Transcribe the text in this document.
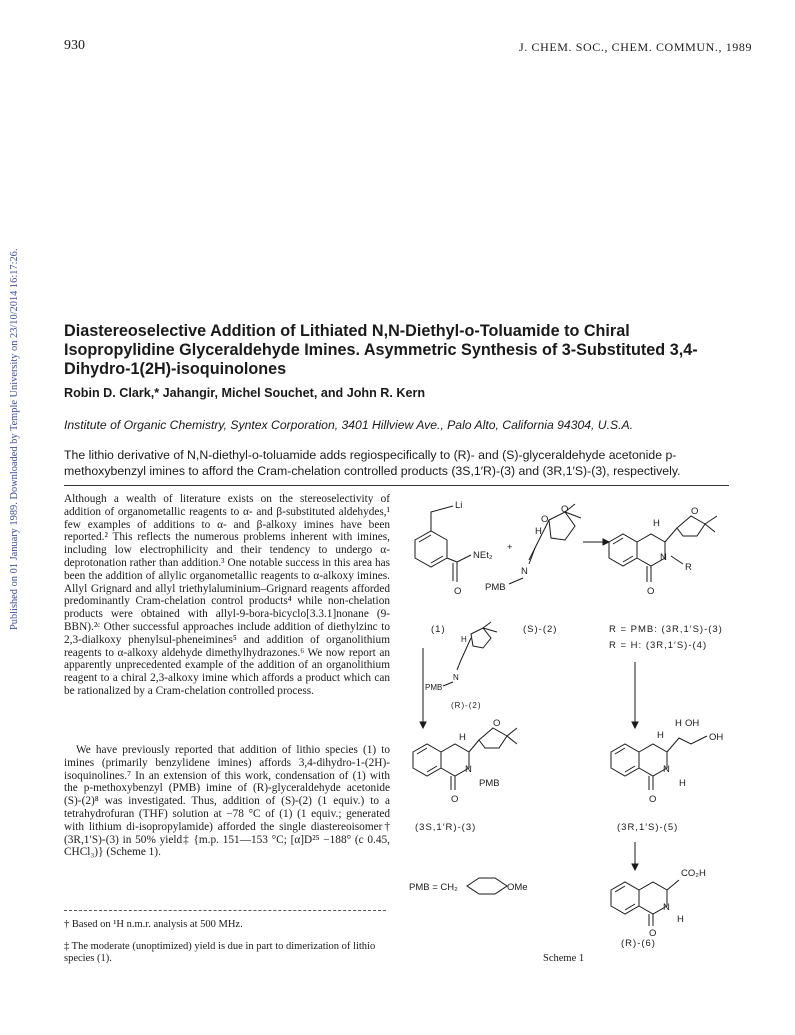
930	J. CHEM. SOC., CHEM. COMMUN., 1989
Published on 01 January 1989. Downloaded by Temple University on 23/10/2014 16:17:26.	Diastereoselective Addition of Lithiated N,N-Diethyl-o-Toluamide to Chiral Isopropylidine Glyceraldehyde Imines. Asymmetric Synthesis of 3-Substituted 3,4-Dihydro-1(2H)-isoquinolones
Robin D. Clark,* Jahangir, Michel Souchet, and John R. Kern
Institute of Organic Chemistry, Syntex Corporation, 3401 Hillview Ave., Palo Alto, California 94304, U.S.A.
The lithio derivative of N,N-diethyl-o-toluamide adds regiospecifically to (R)- and (S)-glyceraldehyde acetonide p-methoxybenzyl imines to afford the Cram-chelation controlled products (3S,1′R)-(3) and (3R,1′S)-(3), respectively.

Although a wealth of literature exists on the stereoselectivity of addition of organometallic reagents to α- and β-substituted aldehydes,¹ few examples of additions to α- and β-alkoxy imines have been reported.² This reflects the numerous problems inherent with imines, including low electrophilicity and their tendency to undergo α-deprotonation rather than addition.³ One notable success in this area has been the addition of allylic organometallic reagents to α-alkoxy imines. Allyl Grignard and allyl triethylaluminium–Grignard reagents afforded predominantly Cram-chelation control products⁴ while non-chelation products were obtained with allyl-9-bora-bicyclo[3.3.1]nonane (9-BBN).²ᶜ Other successful approaches include addition of diethylzinc to 2,3-dialkoxy phenylsul-pheneimines⁵ and addition of organolithium reagents to α-alkoxy aldehyde dimethylhydrazones.⁶ We now report an apparently unprecedented example of the addition of an organolithium reagent to a chiral 2,3-alkoxy imine which affords a product which can be rationalized by a Cram-chelation controlled process.

We have previously reported that addition of lithio species (1) to imines (primarily benzylidene imines) affords 3,4-dihydro-1-(2H)-isoquinolines.⁷ In an extension of this work, condensation of (1) with the p-methoxybenzyl (PMB) imine of (R)-glyceraldehyde acetonide (S)-(2)⁸ was investigated. Thus, addition of (S)-(2) (1 equiv.) to a tetrahydrofuran (THF) solution at −78 °C of (1) (1 equiv.; generated with lithium di-isopropylamide) afforded the single diastereoisomer† (3R,1′S)-(3) in 50% yield‡ {m.p. 151—153 °C; [α]D²⁵ −188° (c 0.45, CHCl₃)} (Scheme 1).

† Based on ¹H n.m.r. analysis at 500 MHz.
‡ The moderate (unoptimized) yield is due in part to dimerization of lithio species (1).
Li
NEt₂
O
(1)
+
O
O
H
N
PMB
(S)-(2)
O
N
R
H
O
R = PMB: (3R,1′S)-(3)
R = H: (3R,1′S)-(4)
H
N
PMB
(R)-(2)
O
N
PMB
H
O
(3S,1′R)-(3)
O
N
H
H
H OH
OH
(3R,1′S)-(5)
O
N
H
CO₂H
(R)-(6)
PMB = CH₂	OMe
Scheme 1
